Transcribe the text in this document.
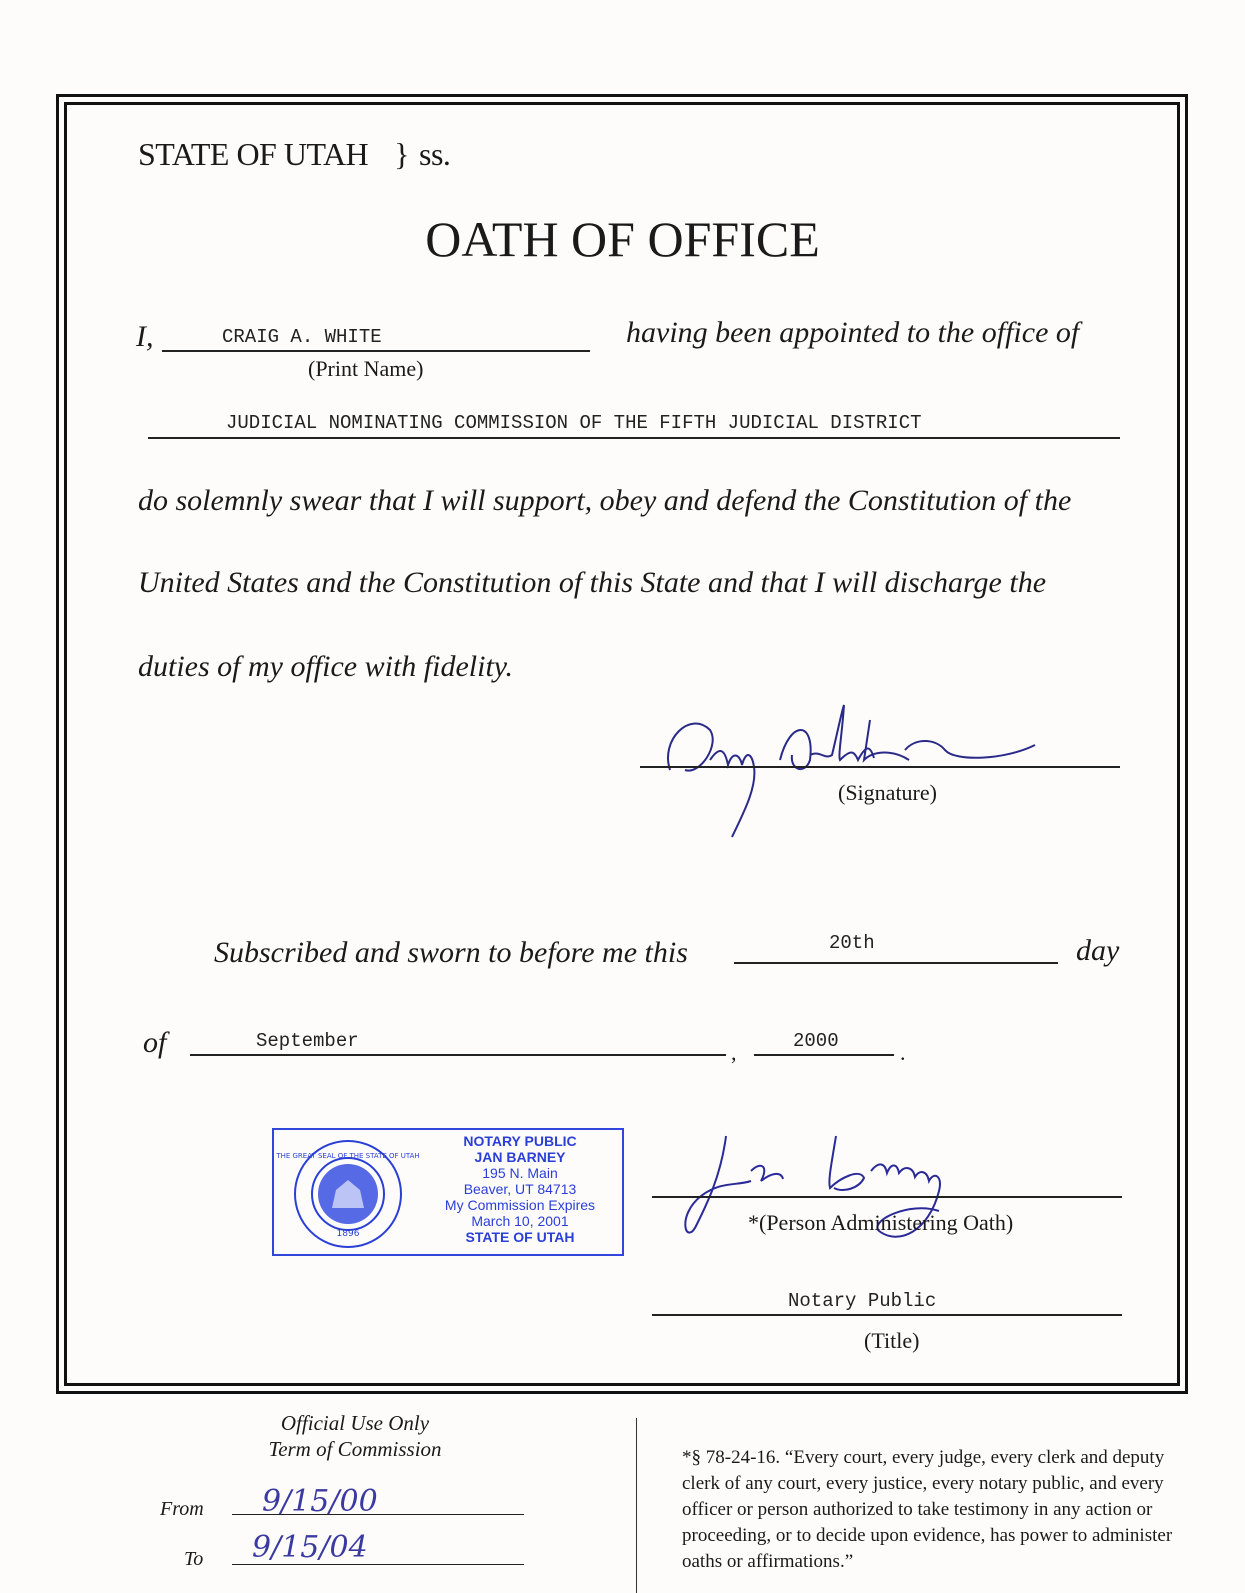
STATE OF UTAH } ss.
OATH OF OFFICE
I,	CRAIG A. WHITE
(Print Name)
having been appointed to the office of
JUDICIAL NOMINATING COMMISSION OF THE FIFTH JUDICIAL DISTRICT
do solemnly swear that I will support, obey and defend the Constitution of the
United States and the Constitution of this State and that I will discharge the
duties of my office with fidelity.
(Signature)
Subscribed and sworn to before me this	20th	day
of	September	,	2000	.
1896
THE GREAT SEAL OF THE STATE OF UTAH
NOTARY PUBLIC
JAN BARNEY
195 N. Main
Beaver, UT 84713
My Commission Expires
March 10, 2001
STATE OF UTAH
*(Person Administering Oath)
Notary Public
(Title)
Official Use Only
Term of Commission
From 9/15/00
To 9/15/04
*§ 78-24-16. “Every court, every judge, every clerk and deputy clerk of any court, every justice, every notary public, and every officer or person authorized to take testimony in any action or proceeding, or to decide upon evidence, has power to administer oaths or affirmations.”
